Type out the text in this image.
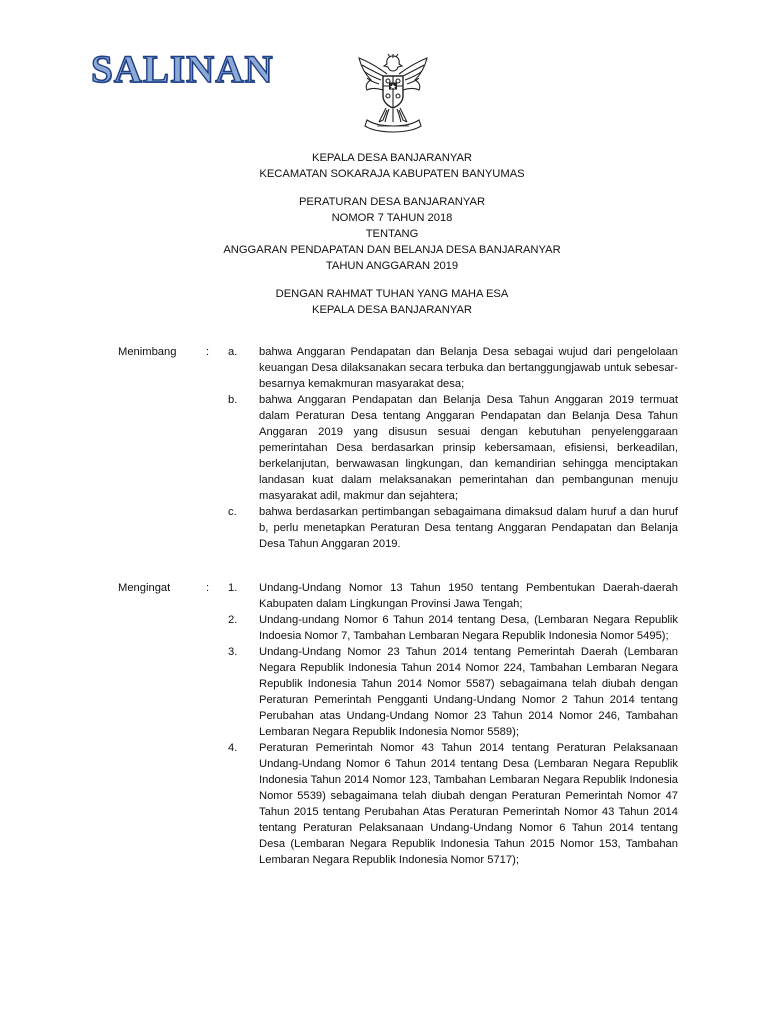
SALINAN
KEPALA DESA BANJARANYAR
KECAMATAN SOKARAJA KABUPATEN BANYUMAS
PERATURAN DESA BANJARANYAR
NOMOR 7 TAHUN 2018
TENTANG
ANGGARAN PENDAPATAN DAN BELANJA DESA BANJARANYAR
TAHUN ANGGARAN 2019
DENGAN RAHMAT TUHAN YANG MAHA ESA
KEPALA DESA BANJARANYAR
Menimbang	: a. bahwa Anggaran Pendapatan dan Belanja Desa sebagai wujud dari pengelolaan keuangan Desa dilaksanakan secara terbuka dan bertanggungjawab untuk sebesar-besarnya kemakmuran masyarakat desa;
b. bahwa Anggaran Pendapatan dan Belanja Desa Tahun Anggaran 2019 termuat dalam Peraturan Desa tentang Anggaran Pendapatan dan Belanja Desa Tahun Anggaran 2019 yang disusun sesuai dengan kebutuhan penyelenggaraan pemerintahan Desa berdasarkan prinsip kebersamaan, efisiensi, berkeadilan, berkelanjutan, berwawasan lingkungan, dan kemandirian sehingga menciptakan landasan kuat dalam melaksanakan pemerintahan dan pembangunan menuju masyarakat adil, makmur dan sejahtera;
c. bahwa berdasarkan pertimbangan sebagaimana dimaksud dalam huruf a dan huruf b, perlu menetapkan Peraturan Desa tentang Anggaran Pendapatan dan Belanja Desa Tahun Anggaran 2019.
Mengingat	: 1. Undang-Undang Nomor 13 Tahun 1950 tentang Pembentukan Daerah-daerah Kabupaten dalam Lingkungan Provinsi Jawa Tengah;
2. Undang-undang Nomor 6 Tahun 2014 tentang Desa, (Lembaran Negara Republik Indoesia Nomor 7, Tambahan Lembaran Negara Republik Indonesia Nomor 5495);
3. Undang-Undang Nomor 23 Tahun 2014 tentang Pemerintah Daerah (Lembaran Negara Republik Indonesia Tahun 2014 Nomor 224, Tambahan Lembaran Negara Republik Indonesia Tahun 2014 Nomor 5587) sebagaimana telah diubah dengan Peraturan Pemerintah Pengganti Undang-Undang Nomor 2 Tahun 2014 tentang Perubahan atas Undang-Undang Nomor 23 Tahun 2014 Nomor 246, Tambahan Lembaran Negara Republik Indonesia Nomor 5589);
4. Peraturan Pemerintah Nomor 43 Tahun 2014 tentang Peraturan Pelaksanaan Undang-Undang Nomor 6 Tahun 2014 tentang Desa (Lembaran Negara Republik Indonesia Tahun 2014 Nomor 123, Tambahan Lembaran Negara Republik Indonesia Nomor 5539) sebagaimana telah diubah dengan Peraturan Pemerintah Nomor 47 Tahun 2015 tentang Perubahan Atas Peraturan Pemerintah Nomor 43 Tahun 2014 tentang Peraturan Pelaksanaan Undang-Undang Nomor 6 Tahun 2014 tentang Desa (Lembaran Negara Republik Indonesia Tahun 2015 Nomor 153, Tambahan Lembaran Negara Republik Indonesia Nomor 5717);
